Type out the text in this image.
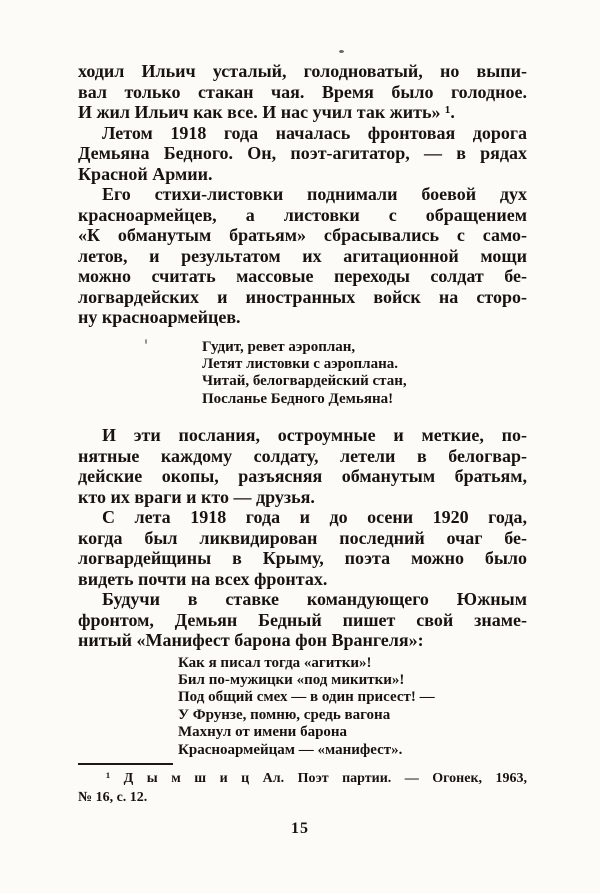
ходил Ильич усталый, голодноватый, но выпи-
вал только стакан чая. Время было голодное.
И жил Ильич как все. И нас учил так жить» ¹.
Летом 1918 года началась фронтовая дорога
Демьяна Бедного. Он, поэт-агитатор, — в рядах
Красной Армии.
Его стихи-листовки поднимали боевой дух
красноармейцев, а листовки с обращением
«К обманутым братьям» сбрасывались с само-
летов, и результатом их агитационной мощи
можно считать массовые переходы солдат бе-
логвардейских и иностранных войск на сторо-
ну красноармейцев.
Гудит, ревет аэроплан,
Летят листовки с аэроплана.
Читай, белогвардейский стан,
Посланье Бедного Демьяна!
И эти послания, остроумные и меткие, по-
нятные каждому солдату, летели в белогвар-
дейские окопы, разъясняя обманутым братьям,
кто их враги и кто — друзья.
С лета 1918 года и до осени 1920 года,
когда был ликвидирован последний очаг бе-
логвардейщины в Крыму, поэта можно было
видеть почти на всех фронтах.
Будучи в ставке командующего Южным
фронтом, Демьян Бедный пишет свой знаме-
нитый «Манифест барона фон Врангеля»:
Как я писал тогда «агитки»!
Бил по-мужицки «под микитки»!
Под общий смех — в один присест! —
У Фрунзе, помню, средь вагона
Махнул от имени барона
Красноармейцам — «манифест».
¹ Д ы м ш и ц Ал. Поэт партии. — Огонек, 1963,
№ 16, с. 12.
15
